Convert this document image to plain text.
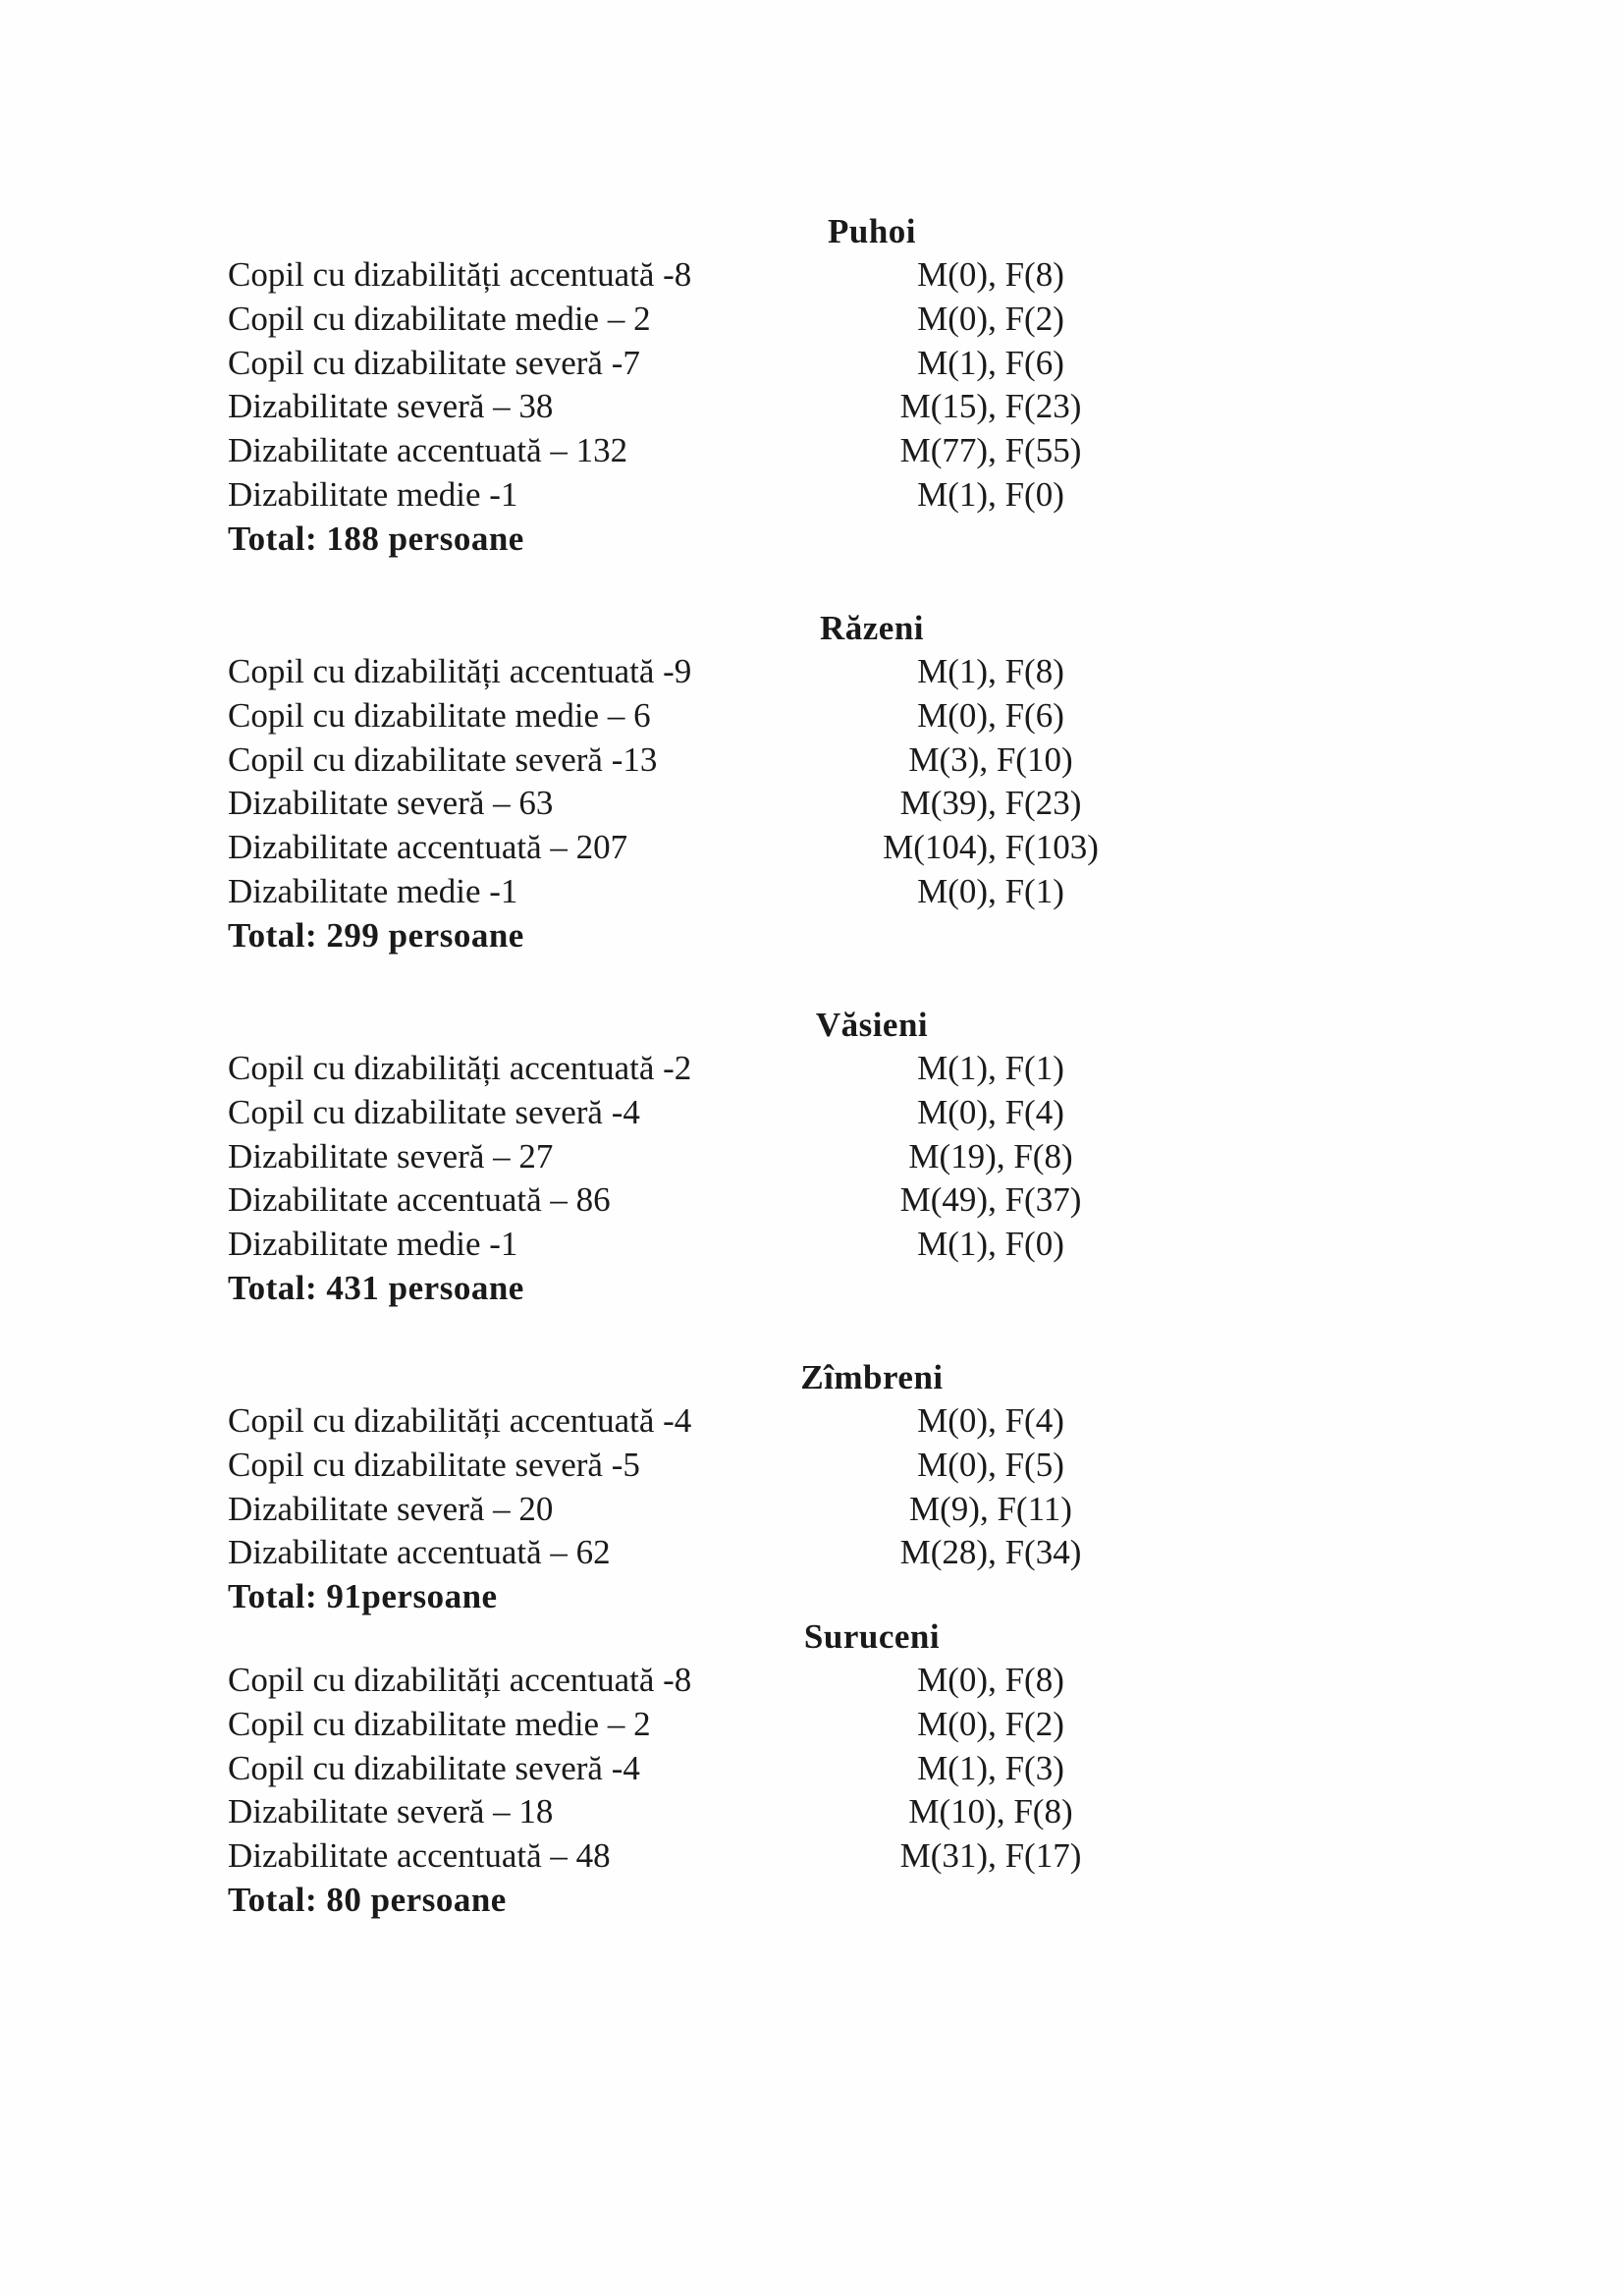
Puhoi
Copil cu dizabilități accentuată -8	M(0), F(8)
Copil cu dizabilitate medie – 2	M(0), F(2)
Copil cu dizabilitate severă -7	M(1), F(6)
Dizabilitate severă – 38	M(15), F(23)
Dizabilitate accentuată – 132	M(77), F(55)
Dizabilitate medie -1	M(1), F(0)
Total: 188 persoane
Răzeni
Copil cu dizabilități accentuată -9	M(1), F(8)
Copil cu dizabilitate medie – 6	M(0), F(6)
Copil cu dizabilitate severă -13	M(3), F(10)
Dizabilitate severă – 63	M(39), F(23)
Dizabilitate accentuată – 207	M(104), F(103)
Dizabilitate medie -1	M(0), F(1)
Total: 299 persoane
Văsieni
Copil cu dizabilități accentuată -2	M(1), F(1)
Copil cu dizabilitate severă -4	M(0), F(4)
Dizabilitate severă – 27	M(19), F(8)
Dizabilitate accentuată – 86	M(49), F(37)
Dizabilitate medie -1	M(1), F(0)
Total: 431 persoane
Zîmbreni
Copil cu dizabilități accentuată -4	M(0), F(4)
Copil cu dizabilitate severă -5	M(0), F(5)
Dizabilitate severă – 20	M(9), F(11)
Dizabilitate accentuată – 62	M(28), F(34)
Total: 91persoane
Suruceni
Copil cu dizabilități accentuată -8	M(0), F(8)
Copil cu dizabilitate medie – 2	M(0), F(2)
Copil cu dizabilitate severă -4	M(1), F(3)
Dizabilitate severă – 18	M(10), F(8)
Dizabilitate accentuată – 48	M(31), F(17)
Total: 80 persoane
